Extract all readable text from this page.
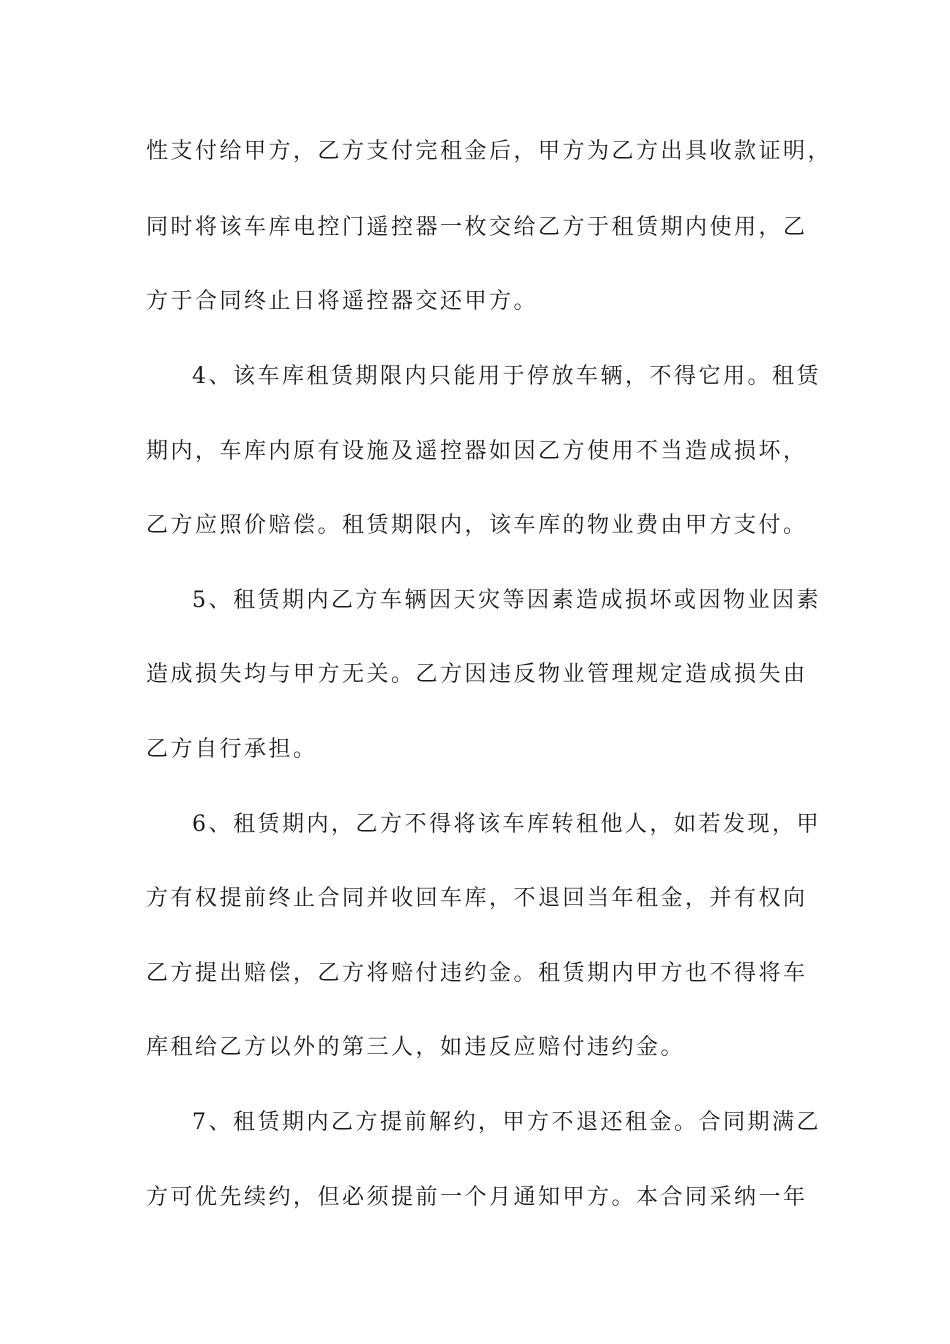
性支付给甲方，乙方支付完租金后，甲方为乙方出具收款证明，
同时将该车库电控门遥控器一枚交给乙方于租赁期内使用，乙
方于合同终止日将遥控器交还甲方。
4、该车库租赁期限内只能用于停放车辆，不得它用。租赁
期内，车库内原有设施及遥控器如因乙方使用不当造成损坏，
乙方应照价赔偿。租赁期限内，该车库的物业费由甲方支付。
5、租赁期内乙方车辆因天灾等因素造成损坏或因物业因素
造成损失均与甲方无关。乙方因违反物业管理规定造成损失由
乙方自行承担。
6、租赁期内，乙方不得将该车库转租他人，如若发现，甲
方有权提前终止合同并收回车库，不退回当年租金，并有权向
乙方提出赔偿，乙方将赔付违约金。租赁期内甲方也不得将车
库租给乙方以外的第三人，如违反应赔付违约金。
7、租赁期内乙方提前解约，甲方不退还租金。合同期满乙
方可优先续约，但必须提前一个月通知甲方。本合同采纳一年
